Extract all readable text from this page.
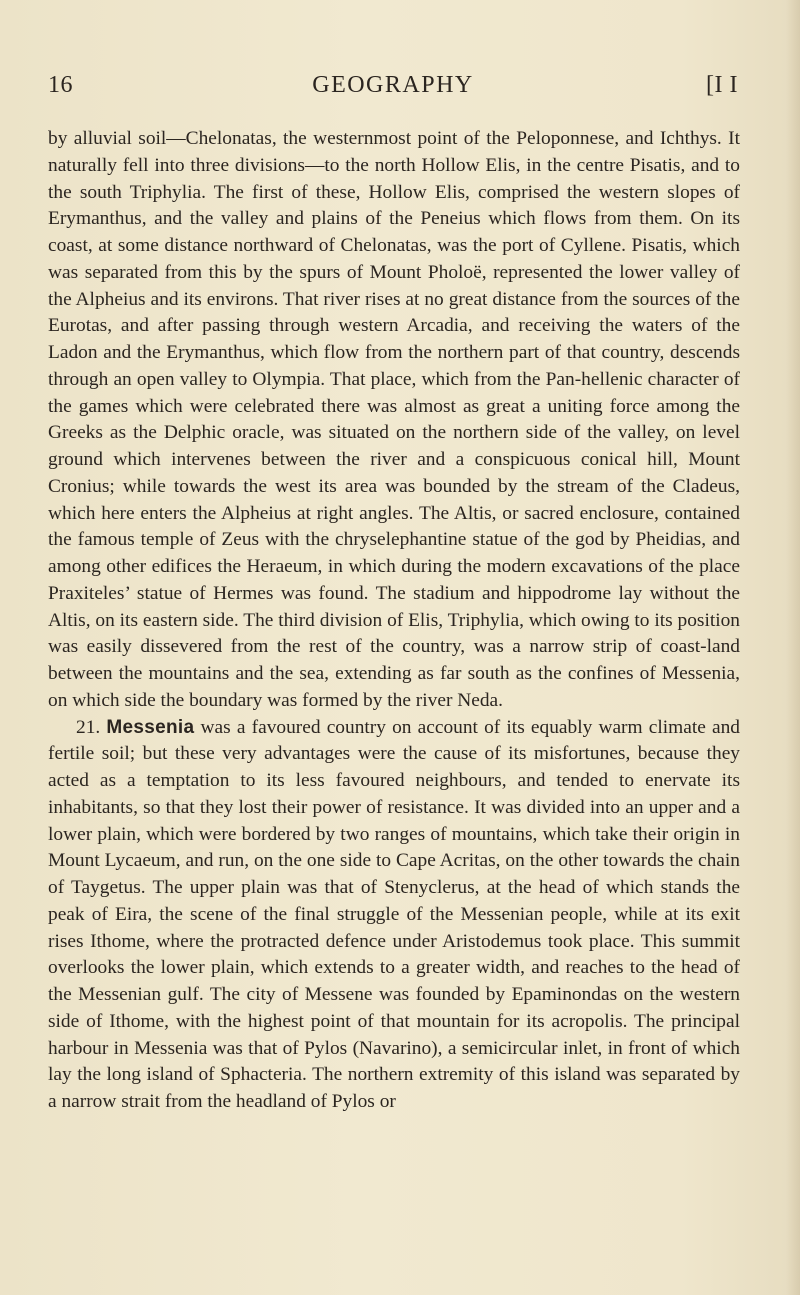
16	GEOGRAPHY	[I I

by alluvial soil—Chelonatas, the westernmost point of the Peloponnese, and Ichthys. It naturally fell into three divisions—to the north Hollow Elis, in the centre Pisatis, and to the south Triphylia. The first of these, Hollow Elis, comprised the western slopes of Erymanthus, and the valley and plains of the Peneius which flows from them. On its coast, at some distance northward of Chelonatas, was the port of Cyllene. Pisatis, which was separated from this by the spurs of Mount Pholoë, represented the lower valley of the Alpheius and its environs. That river rises at no great distance from the sources of the Eurotas, and after passing through western Arcadia, and receiving the waters of the Ladon and the Erymanthus, which flow from the northern part of that country, descends through an open valley to Olympia. That place, which from the Pan-hellenic character of the games which were celebrated there was almost as great a uniting force among the Greeks as the Delphic oracle, was situated on the northern side of the valley, on level ground which intervenes between the river and a conspicuous conical hill, Mount Cronius; while towards the west its area was bounded by the stream of the Cladeus, which here enters the Alpheius at right angles. The Altis, or sacred enclosure, contained the famous temple of Zeus with the chryselephantine statue of the god by Pheidias, and among other edifices the Heraeum, in which during the modern excavations of the place Praxiteles’ statue of Hermes was found. The stadium and hippodrome lay without the Altis, on its eastern side. The third division of Elis, Triphylia, which owing to its position was easily dissevered from the rest of the country, was a narrow strip of coast-land between the mountains and the sea, extending as far south as the confines of Messenia, on which side the boundary was formed by the river Neda.

21. Messenia was a favoured country on account of its equably warm climate and fertile soil; but these very advantages were the cause of its misfortunes, because they acted as a temptation to its less favoured neighbours, and tended to enervate its inhabitants, so that they lost their power of resistance. It was divided into an upper and a lower plain, which were bordered by two ranges of mountains, which take their origin in Mount Lycaeum, and run, on the one side to Cape Acritas, on the other towards the chain of Taygetus. The upper plain was that of Stenyclerus, at the head of which stands the peak of Eira, the scene of the final struggle of the Messenian people, while at its exit rises Ithome, where the protracted defence under Aristodemus took place. This summit overlooks the lower plain, which extends to a greater width, and reaches to the head of the Messenian gulf. The city of Messene was founded by Epaminondas on the western side of Ithome, with the highest point of that mountain for its acropolis. The principal harbour in Messenia was that of Pylos (Navarino), a semicircular inlet, in front of which lay the long island of Sphacteria. The northern extremity of this island was separated by a narrow strait from the headland of Pylos or
